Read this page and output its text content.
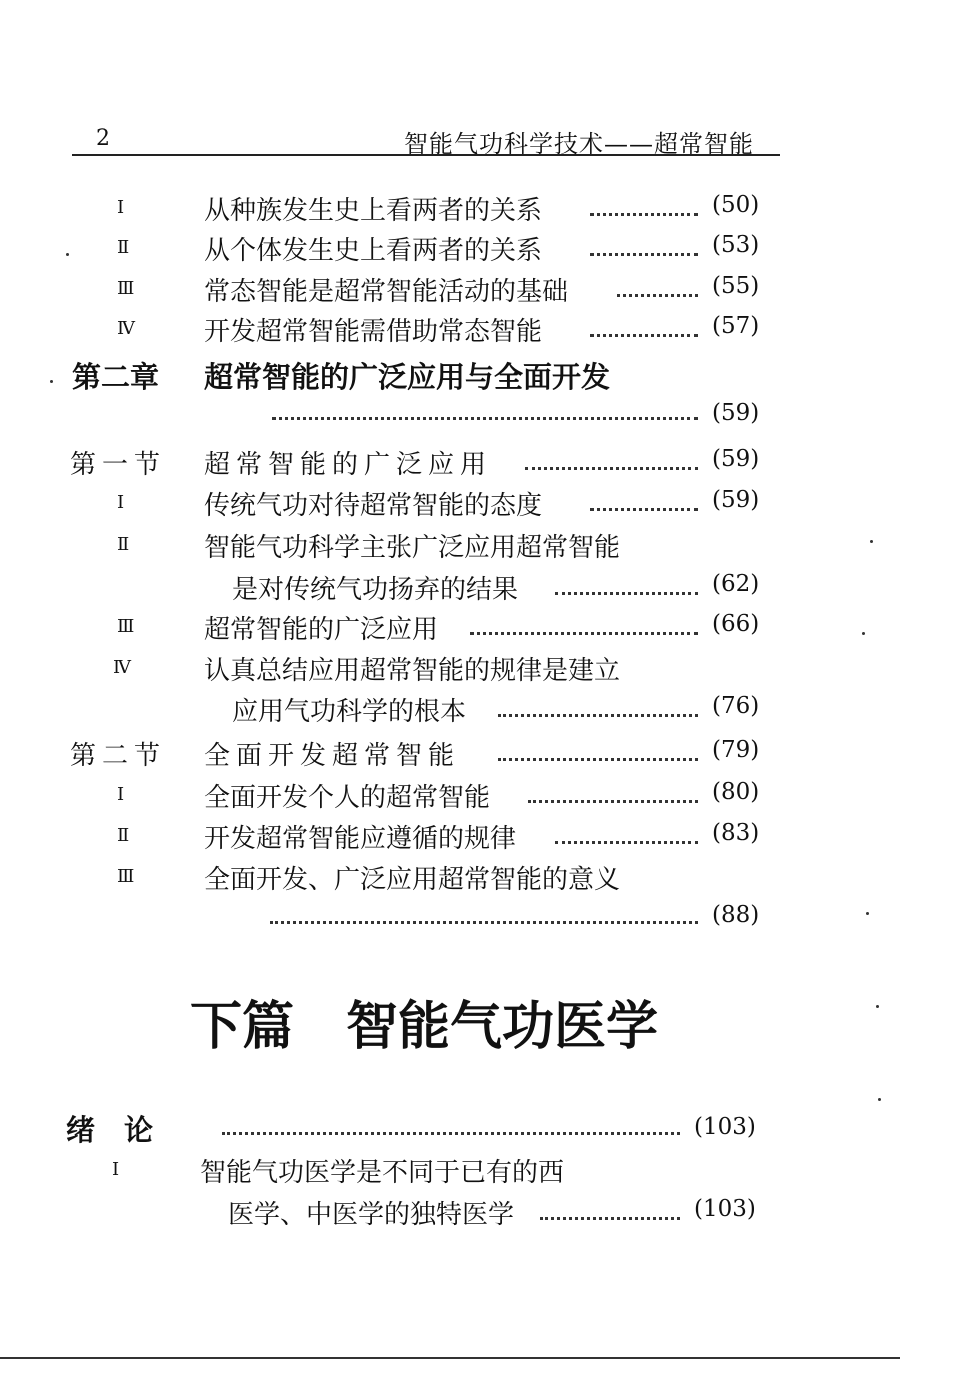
2	智能气功科学技术——超常智能
Ⅰ	从种族发生史上看两者的关系	(50)
Ⅱ	从个体发生史上看两者的关系	(53)
Ⅲ	常态智能是超常智能活动的基础	(55)
Ⅳ	开发超常智能需借助常态智能	(57)
第二章 超常智能的广泛应用与全面开发
(59)
第一节 超常智能的广泛应用	(59)
Ⅰ	传统气功对待超常智能的态度	(59)
Ⅱ	智能气功科学主张广泛应用超常智能
是对传统气功扬弃的结果	(62)
Ⅲ	超常智能的广泛应用	(66)
Ⅳ	认真总结应用超常智能的规律是建立
应用气功科学的根本	(76)
第二节 全面开发超常智能	(79)
Ⅰ	全面开发个人的超常智能	(80)
Ⅱ	开发超常智能应遵循的规律	(83)
Ⅲ	全面开发、广泛应用超常智能的意义
(88)
下篇　智能气功医学
绪　论	(103)
Ⅰ	智能气功医学是不同于已有的西
医学、中医学的独特医学	(103)
